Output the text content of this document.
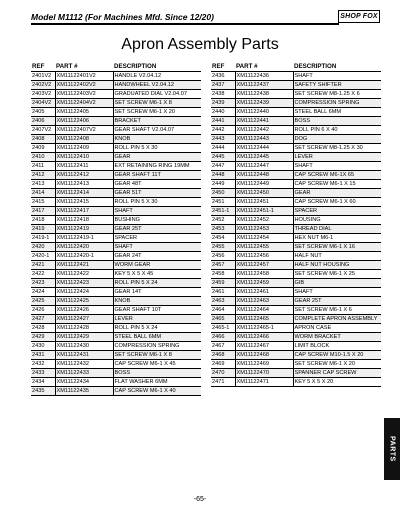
Model M1112 (For Machines Mfd. Since 12/20)	SHOP FOX
Apron Assembly Parts
REF	PART #	DESCRIPTION
2401V2	XM11122401V2	HANDLE V2.04.12
2402V2	XM11122402V2	HANDWHEEL V2.04.12
2403V2	XM11122403V2	GRADUATED DIAL V2.04.07
2404V2	XM11122404V2	SET SCREW M6-1 X 8
2405	XM11122405	SET SCREW M6-1 X 20
2406	XM11122406	BRACKET
2407V2	XM11122407V2	GEAR SHAFT V2.04.07
2408	XM11122408	KNOB
2409	XM11122409	ROLL PIN 5 X 30
2410	XM11122410	GEAR
2411	XM11122411	EXT RETAINING RING 19MM
2412	XM11122412	GEAR SHAFT 11T
2413	XM11122413	GEAR 48T
2414	XM11122414	GEAR 51T
2415	XM11122415	ROLL PIN 5 X 30
2417	XM11122417	SHAFT
2418	XM11122418	BUSHING
2419	XM11122419	GEAR 25T
2419-1	XM11122419-1	SPACER
2420	XM11122420	SHAFT
2420-1	XM11122420-1	GEAR 24T
2421	XM11122421	WORM GEAR
2422	XM11122422	KEY 5 X 5 X 45
2423	XM11122423	ROLL PIN 5 X 24
2424	XM11122424	GEAR 14T
2425	XM11122425	KNOB
2426	XM11122426	GEAR SHAFT 10T
2427	XM11122427	LEVER
2428	XM11122428	ROLL PIN 5 X 24
2429	XM11122429	STEEL BALL 6MM
2430	XM11122430	COMPRESSION SPRING
2431	XM11122431	SET SCREW M6-1 X 8
2432	XM11122432	CAP SCREW M6-1 X 45
2433	XM11122433	BOSS
2434	XM11122434	FLAT WASHER 6MM
2435	XM11122435	CAP SCREW M6-1 X 40
REF	PART #	DESCRIPTION
2436	XM11122436	SHAFT
2437	XM11122437	SAFETY SHIFTER
2438	XM11122438	SET SCREW M8-1.25 X 6
2439	XM11122439	COMPRESSION SPRING
2440	XM11122440	STEEL BALL 6MM
2441	XM11122441	BOSS
2442	XM11122442	ROLL PIN 6 X 40
2443	XM11122443	DOG
2444	XM11122444	SET SCREW M8-1.25 X 30
2445	XM11122445	LEVER
2447	XM11122447	SHAFT
2448	XM11122448	CAP SCREW M6-1X 65
2449	XM11122449	CAP SCREW M6-1 X 15
2450	XM11122450	GEAR
2451	XM11122451	CAP SCREW M6-1 X 60
2451-1	XM11122451-1	SPACER
2452	XM11122452	HOUSING
2453	XM11122453	THREAD DIAL
2454	XM11122454	HEX NUT M6-1
2455	XM11122455	SET SCREW M6-1 X 16
2456	XM11122456	HALF NUT
2457	XM11122457	HALF NUT HOUSING
2458	XM11122458	SET SCREW M6-1 X 25
2459	XM11122459	GIB
2461	XM11122461	SHAFT
2463	XM11122463	GEAR 25T
2464	XM11122464	SET SCREW M6-1 X 6
2465	XM11122465	COMPLETE APRON ASSEMBLY
2465-1	XM11122465-1	APRON CASE
2466	XM11122466	WORM BRACKET
2467	XM11122467	LIMIT BLOCK
2468	XM11122468	CAP SCREW M10-1.5 X 20
2469	XM11122469	SET SCREW M6-1 X 20
2470	XM11122470	SPANNER CAP SCREW
2471	XM11122471	KEY 5 X 5 X 20
PARTS
-65-
